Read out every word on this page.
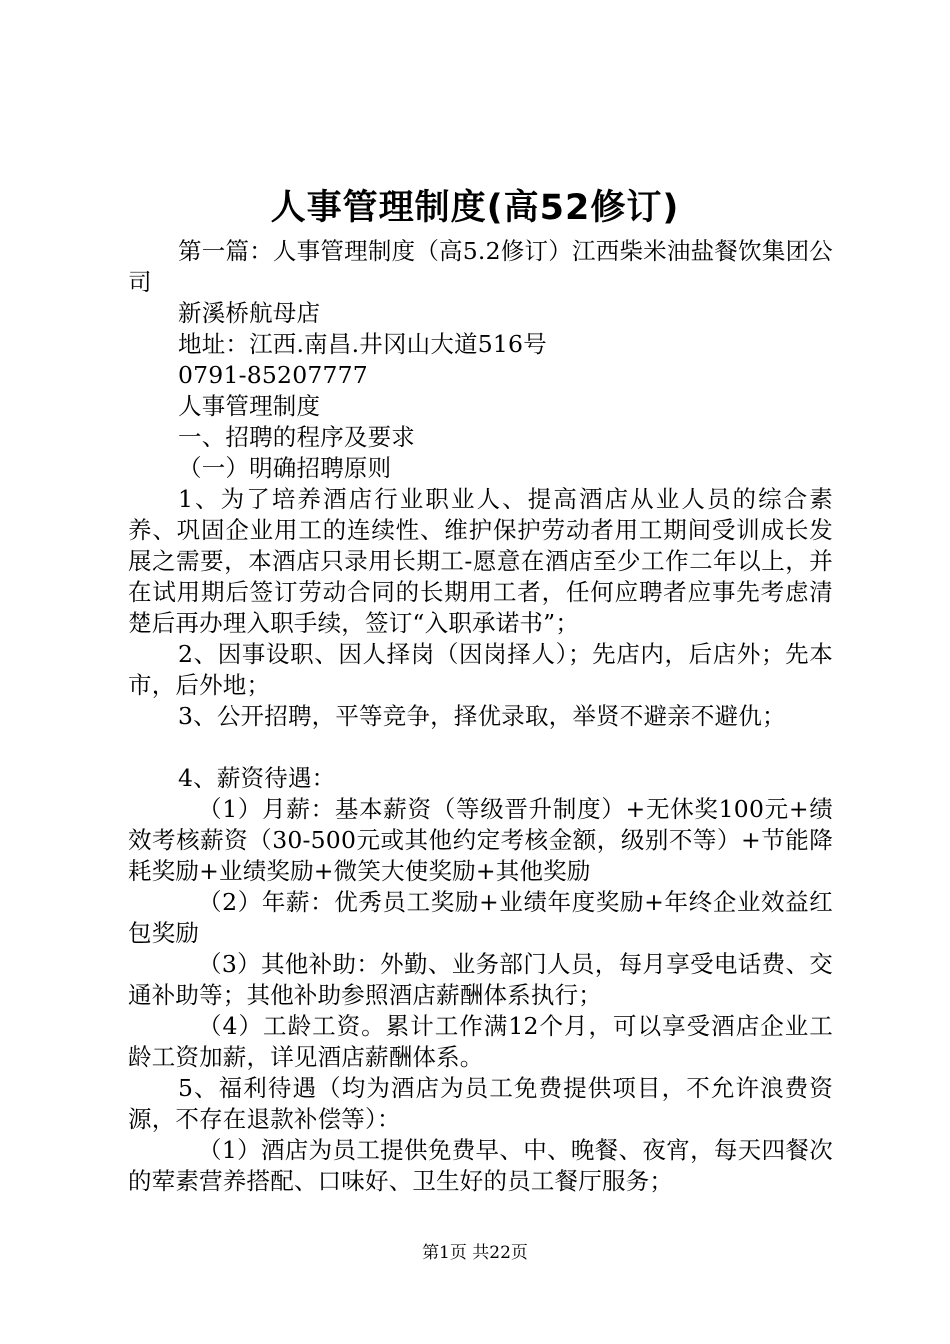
人事管理制度(高52修订)

第一篇：人事管理制度（高5.2修订）江西柴米油盐餐饮集团公司

新溪桥航母店

地址：江西.南昌.井冈山大道516号

0791-85207777

人事管理制度

一、招聘的程序及要求

（一）明确招聘原则

1、为了培养酒店行业职业人、提高酒店从业人员的综合素养、巩固企业用工的连续性、维护保护劳动者用工期间受训成长发展之需要，本酒店只录用长期工-愿意在酒店至少工作二年以上，并在试用期后签订劳动合同的长期用工者，任何应聘者应事先考虑清楚后再办理入职手续，签订“入职承诺书”；

2、因事设职、因人择岗（因岗择人）；先店内，后店外；先本市，后外地；

3、公开招聘，平等竞争，择优录取，举贤不避亲不避仇；

4、薪资待遇：

（1）月薪：基本薪资（等级晋升制度）+无休奖100元+绩效考核薪资（30-500元或其他约定考核金额，级别不等）+节能降耗奖励+业绩奖励+微笑大使奖励+其他奖励

（2）年薪：优秀员工奖励+业绩年度奖励+年终企业效益红包奖励

（3）其他补助：外勤、业务部门人员，每月享受电话费、交通补助等；其他补助参照酒店薪酬体系执行；

（4）工龄工资。累计工作满12个月，可以享受酒店企业工龄工资加薪，详见酒店薪酬体系。

5、福利待遇（均为酒店为员工免费提供项目，不允许浪费资源，不存在退款补偿等）：

（1）酒店为员工提供免费早、中、晚餐、夜宵，每天四餐次的荤素营养搭配、口味好、卫生好的员工餐厅服务；

第1页 共22页
